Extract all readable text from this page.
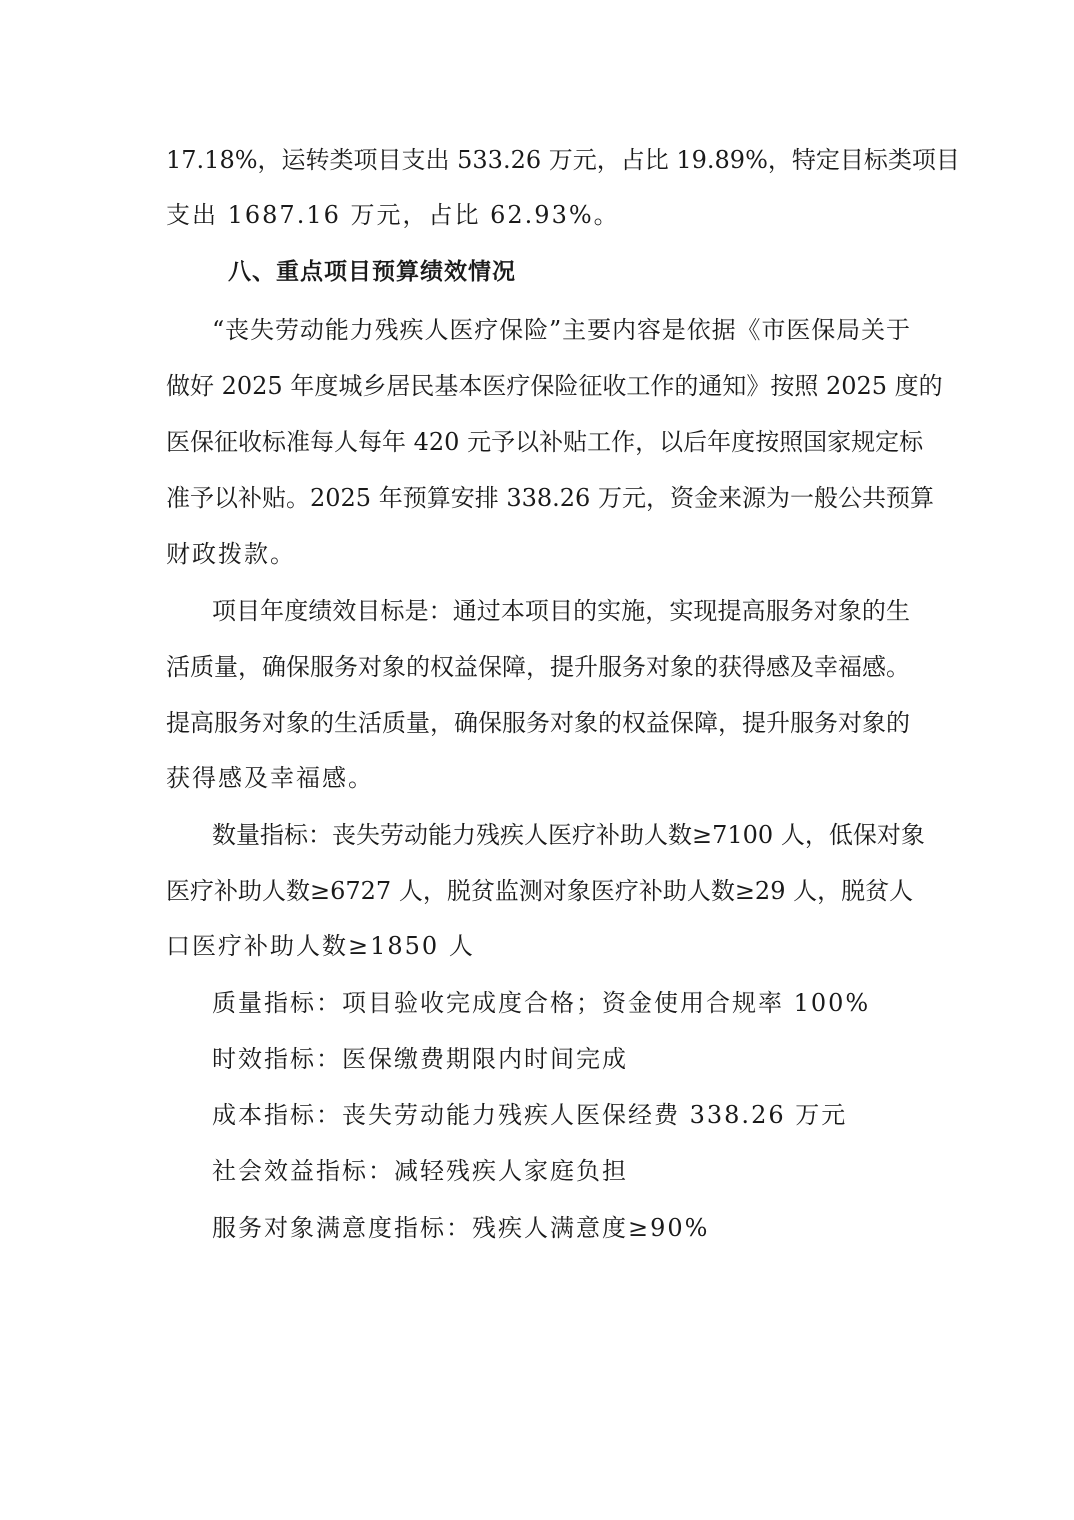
17.18%，运转类项目支出 533.26 万元，占比 19.89%，特定目标类项目
支出 1687.16 万元，占比 62.93%。
八、重点项目预算绩效情况
“丧失劳动能力残疾人医疗保险”主要内容是依据《市医保局关于
做好 2025 年度城乡居民基本医疗保险征收工作的通知》按照 2025 度的
医保征收标准每人每年 420 元予以补贴工作，以后年度按照国家规定标
准予以补贴。2025 年预算安排 338.26 万元，资金来源为一般公共预算
财政拨款。
项目年度绩效目标是：通过本项目的实施，实现提高服务对象的生
活质量，确保服务对象的权益保障，提升服务对象的获得感及幸福感。
提高服务对象的生活质量，确保服务对象的权益保障，提升服务对象的
获得感及幸福感。
数量指标：丧失劳动能力残疾人医疗补助人数≥7100 人，低保对象
医疗补助人数≥6727 人，脱贫监测对象医疗补助人数≥29 人，脱贫人
口医疗补助人数≥1850 人
质量指标：项目验收完成度合格；资金使用合规率 100%
时效指标：医保缴费期限内时间完成
成本指标：丧失劳动能力残疾人医保经费 338.26 万元
社会效益指标：减轻残疾人家庭负担
服务对象满意度指标：残疾人满意度≥90%
